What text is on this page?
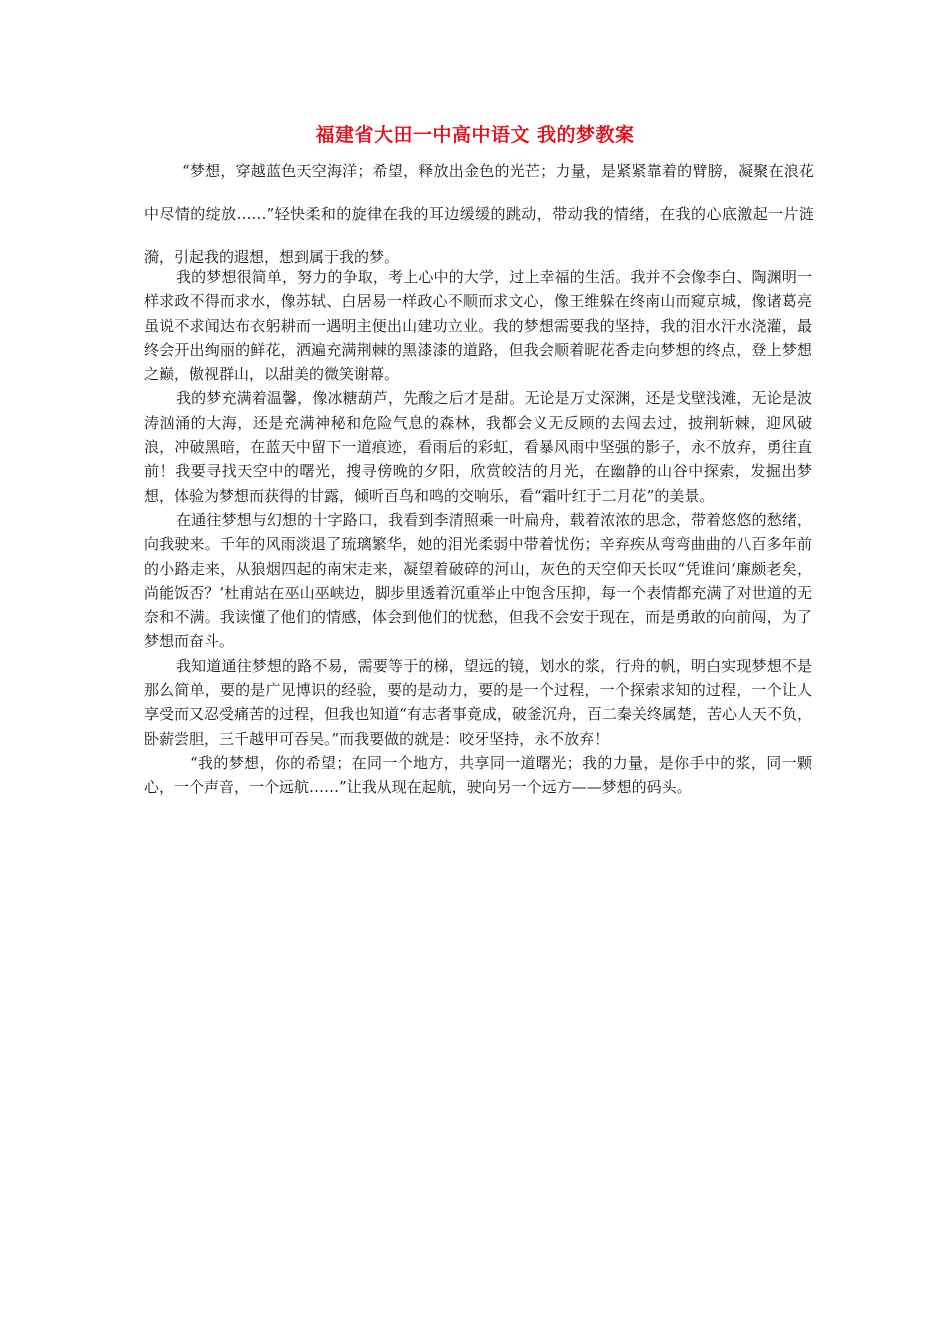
福建省大田一中高中语文 我的梦教案

“梦想，穿越蓝色天空海洋；希望，释放出金色的光芒；力量，是紧紧靠着的臂膀，凝聚在浪花中尽情的绽放……”轻快柔和的旋律在我的耳边缓缓的跳动，带动我的情绪，在我的心底激起一片涟漪，引起我的遐想，想到属于我的梦。

我的梦想很简单，努力的争取，考上心中的大学，过上幸福的生活。我并不会像李白、陶渊明一样求政不得而求水，像苏轼、白居易一样政心不顺而求文心，像王维躲在终南山而窥京城，像诸葛亮虽说不求闻达布衣躬耕而一遇明主便出山建功立业。我的梦想需要我的坚持，我的泪水汗水浇灌，最终会开出绚丽的鲜花，洒遍充满荆棘的黑漆漆的道路，但我会顺着昵花香走向梦想的终点，登上梦想之巅，傲视群山，以甜美的微笑谢幕。

我的梦充满着温馨，像冰糖葫芦，先酸之后才是甜。无论是万丈深渊，还是戈壁浅滩，无论是波涛汹涌的大海，还是充满神秘和危险气息的森林，我都会义无反顾的去闯去过，披荆斩棘，迎风破浪，冲破黑暗，在蓝天中留下一道痕迹，看雨后的彩虹，看暴风雨中坚强的影子，永不放弃，勇往直前！我要寻找天空中的曙光，搜寻傍晚的夕阳，欣赏皎洁的月光，在幽静的山谷中探索，发掘出梦想，体验为梦想而获得的甘露，倾听百鸟和鸣的交响乐，看“霜叶红于二月花”的美景。

在通往梦想与幻想的十字路口，我看到李清照乘一叶扁舟，载着浓浓的思念，带着悠悠的愁绪，向我驶来。千年的风雨淡退了琉璃繁华，她的泪光柔弱中带着忧伤；辛弃疾从弯弯曲曲的八百多年前的小路走来，从狼烟四起的南宋走来，凝望着破碎的河山，灰色的天空仰天长叹“凭谁问‘廉颇老矣，尚能饭否？’杜甫站在巫山巫峡边，脚步里透着沉重举止中饱含压抑，每一个表情都充满了对世道的无奈和不满。我读懂了他们的情感，体会到他们的忧愁，但我不会安于现在，而是勇敢的向前闯，为了梦想而奋斗。

我知道通往梦想的路不易，需要等于的梯，望远的镜，划水的浆，行舟的帆，明白实现梦想不是那么简单，要的是广见博识的经验，要的是动力，要的是一个过程，一个探索求知的过程，一个让人享受而又忍受痛苦的过程，但我也知道“有志者事竟成，破釜沉舟，百二秦关终属楚，苦心人天不负，卧薪尝胆，三千越甲可吞吴。”而我要做的就是：咬牙坚持，永不放弃！

“我的梦想，你的希望；在同一个地方，共享同一道曙光；我的力量，是你手中的浆，同一颗心，一个声音，一个远航……”让我从现在起航，驶向另一个远方——梦想的码头。
